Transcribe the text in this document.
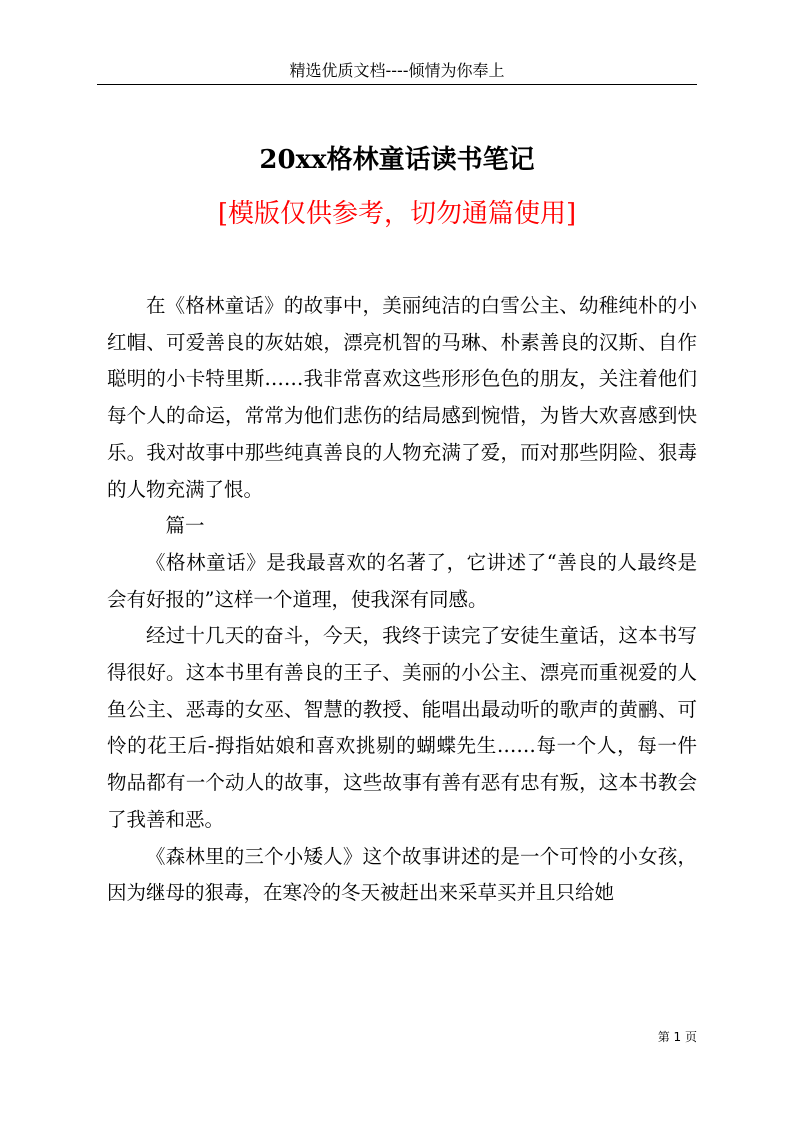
精选优质文档----倾情为你奉上
20xx格林童话读书笔记
[模版仅供参考，切勿通篇使用]

在《格林童话》的故事中，美丽纯洁的白雪公主、幼稚纯朴的小红帽、可爱善良的灰姑娘，漂亮机智的马琳、朴素善良的汉斯、自作聪明的小卡特里斯……我非常喜欢这些形形色色的朋友，关注着他们每个人的命运，常常为他们悲伤的结局感到惋惜，为皆大欢喜感到快乐。我对故事中那些纯真善良的人物充满了爱，而对那些阴险、狠毒的人物充满了恨。

篇一

《格林童话》是我最喜欢的名著了，它讲述了“善良的人最终是会有好报的”这样一个道理，使我深有同感。

经过十几天的奋斗，今天，我终于读完了安徒生童话，这本书写得很好。这本书里有善良的王子、美丽的小公主、漂亮而重视爱的人鱼公主、恶毒的女巫、智慧的教授、能唱出最动听的歌声的黄鹂、可怜的花王后-拇指姑娘和喜欢挑剔的蝴蝶先生……每一个人，每一件物品都有一个动人的故事，这些故事有善有恶有忠有叛，这本书教会了我善和恶。

《森林里的三个小矮人》这个故事讲述的是一个可怜的小女孩，因为继母的狠毒，在寒冷的冬天被赶出来采草买并且只给她

第 1 页
